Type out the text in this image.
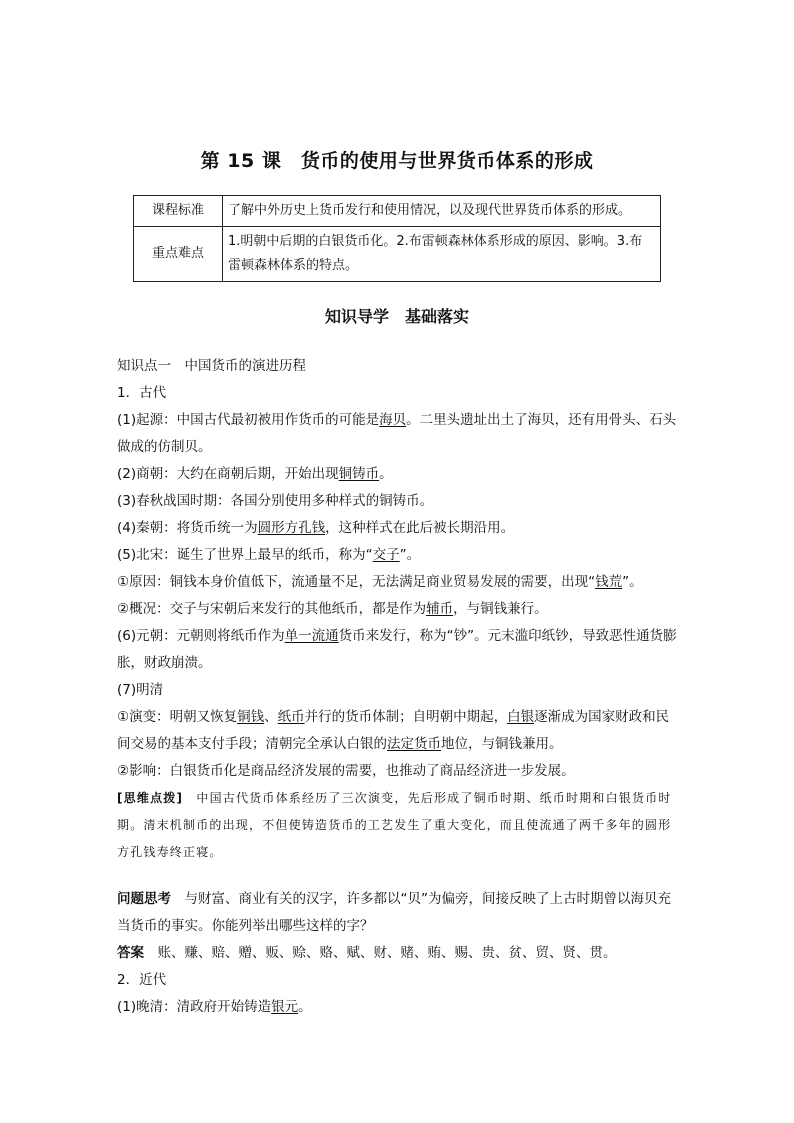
第 15 课　货币的使用与世界货币体系的形成
课程标准	了解中外历史上货币发行和使用情况，以及现代世界货币体系的形成。
重点难点	1.明朝中后期的白银货币化。2.布雷顿森林体系形成的原因、影响。3.布雷顿森林体系的特点。
知识导学　基础落实

知识点一　中国货币的演进历程

1．古代

(1)起源：中国古代最初被用作货币的可能是海贝。二里头遗址出土了海贝，还有用骨头、石头做成的仿制贝。

(2)商朝：大约在商朝后期，开始出现铜铸币。

(3)春秋战国时期：各国分别使用多种样式的铜铸币。

(4)秦朝：将货币统一为圆形方孔钱，这种样式在此后被长期沿用。

(5)北宋：诞生了世界上最早的纸币，称为“交子”。

①原因：铜钱本身价值低下，流通量不足，无法满足商业贸易发展的需要，出现“钱荒”。

②概况：交子与宋朝后来发行的其他纸币，都是作为辅币，与铜钱兼行。

(6)元朝：元朝则将纸币作为单一流通货币来发行，称为“钞”。元末滥印纸钞，导致恶性通货膨胀，财政崩溃。

(7)明清

①演变：明朝又恢复铜钱、纸币并行的货币体制；自明朝中期起，白银逐渐成为国家财政和民间交易的基本支付手段；清朝完全承认白银的法定货币地位，与铜钱兼用。

②影响：白银货币化是商品经济发展的需要，也推动了商品经济进一步发展。

[思维点拨]　中国古代货币体系经历了三次演变，先后形成了铜币时期、纸币时期和白银货币时期。清末机制币的出现，不但使铸造货币的工艺发生了重大变化，而且使流通了两千多年的圆形方孔钱寿终正寝。

问题思考　与财富、商业有关的汉字，许多都以“贝”为偏旁，间接反映了上古时期曾以海贝充当货币的事实。你能列举出哪些这样的字？

答案　账、赚、赔、赠、贩、赊、赂、赋、财、赌、贿、赐、贵、贫、贸、贤、贯。

2．近代

(1)晚清：清政府开始铸造银元。
